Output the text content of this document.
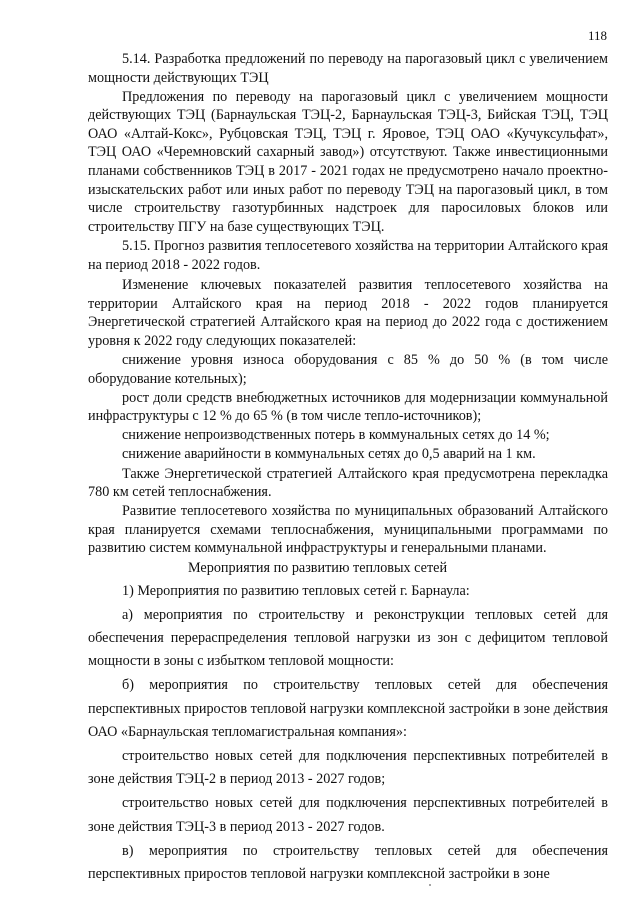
118

5.14. Разработка предложений по переводу на парогазовый цикл с увеличением мощности действующих ТЭЦ

Предложения по переводу на парогазовый цикл с увеличением мощности действующих ТЭЦ (Барнаульская ТЭЦ-2, Барнаульская ТЭЦ-3, Бийская ТЭЦ, ТЭЦ ОАО «Алтай-Кокс», Рубцовская ТЭЦ, ТЭЦ г. Яровое, ТЭЦ ОАО «Кучуксульфат», ТЭЦ ОАО «Черемновский сахарный завод») отсутствуют. Также инвестиционными планами собственников ТЭЦ в 2017 - 2021 годах не предусмотрено начало проектно-изыскательских работ или иных работ по переводу ТЭЦ на парогазовый цикл, в том числе строительству газотурбинных надстроек для паросиловых блоков или строительству ПГУ на базе существующих ТЭЦ.

5.15. Прогноз развития теплосетевого хозяйства на территории Алтайского края на период 2018 - 2022 годов.

Изменение ключевых показателей развития теплосетевого хозяйства на территории Алтайского края на период 2018 - 2022 годов планируется Энергетической стратегией Алтайского края на период до 2022 года с достижением уровня к 2022 году следующих показателей:

снижение уровня износа оборудования с 85 % до 50 % (в том числе оборудование котельных);

рост доли средств внебюджетных источников для модернизации коммунальной инфраструктуры с 12 % до 65 % (в том числе тепло-источников);

снижение непроизводственных потерь в коммунальных сетях до 14 %;

снижение аварийности в коммунальных сетях до 0,5 аварий на 1 км.

Также Энергетической стратегией Алтайского края предусмотрена перекладка 780 км сетей теплоснабжения.

Развитие теплосетевого хозяйства по муниципальных образований Алтайского края планируется схемами теплоснабжения, муниципальными программами по развитию систем коммунальной инфраструктуры и генеральными планами.

Мероприятия по развитию тепловых сетей

1) Мероприятия по развитию тепловых сетей г. Барнаула:

а) мероприятия по строительству и реконструкции тепловых сетей для обеспечения перераспределения тепловой нагрузки из зон с дефицитом тепловой мощности в зоны с избытком тепловой мощности:

б) мероприятия по строительству тепловых сетей для обеспечения перспективных приростов тепловой нагрузки комплексной застройки в зоне действия ОАО «Барнаульская тепломагистральная компания»:

строительство новых сетей для подключения перспективных потребителей в зоне действия ТЭЦ-2 в период 2013 - 2027 годов;

строительство новых сетей для подключения перспективных потребителей в зоне действия ТЭЦ-3 в период 2013 - 2027 годов.

в) мероприятия по строительству тепловых сетей для обеспечения перспективных приростов тепловой нагрузки комплексной застройки в зоне
